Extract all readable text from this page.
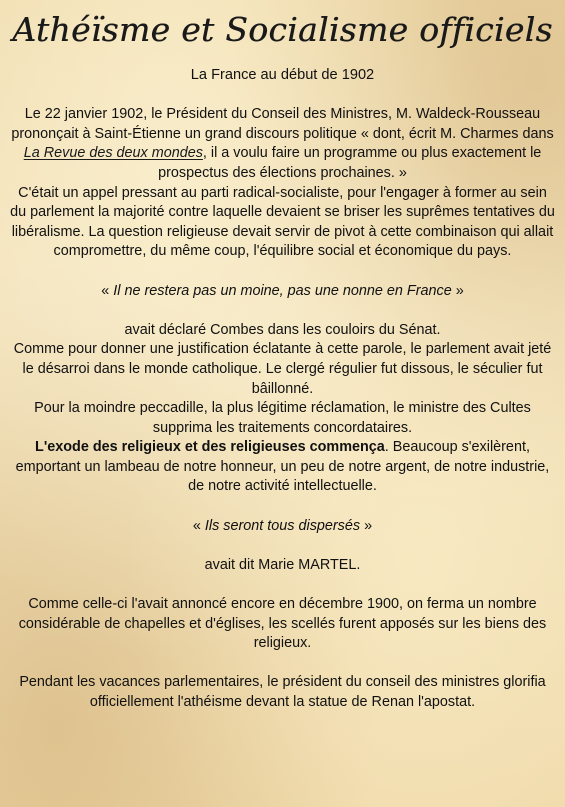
Athéïsme et Socialisme officiels

La France au début de 1902

Le 22 janvier 1902, le Président du Conseil des Ministres, M. Waldeck-Rousseau prononçait à Saint-Étienne un grand discours politique « dont, écrit M. Charmes dans La Revue des deux mondes, il a voulu faire un programme ou plus exactement le prospectus des élections prochaines. »

C'était un appel pressant au parti radical-socialiste, pour l'engager à former au sein du parlement la majorité contre laquelle devaient se briser les suprêmes tentatives du libéralisme. La question religieuse devait servir de pivot à cette combinaison qui allait compromettre, du même coup, l'équilibre social et économique du pays.

« Il ne restera pas un moine, pas une nonne en France »

avait déclaré Combes dans les couloirs du Sénat.

Comme pour donner une justification éclatante à cette parole, le parlement avait jeté le désarroi dans le monde catholique. Le clergé régulier fut dissous, le séculier fut bâillonné.

Pour la moindre peccadille, la plus légitime réclamation, le ministre des Cultes supprima les traitements concordataires.

L'exode des religieux et des religieuses commença. Beaucoup s'exilèrent, emportant un lambeau de notre honneur, un peu de notre argent, de notre industrie, de notre activité intellectuelle.

« Ils seront tous dispersés »

avait dit Marie MARTEL.

Comme celle-ci l'avait annoncé encore en décembre 1900, on ferma un nombre considérable de chapelles et d'églises, les scellés furent apposés sur les biens des religieux.

Pendant les vacances parlementaires, le président du conseil des ministres glorifia officiellement l'athéisme devant la statue de Renan l'apostat.
